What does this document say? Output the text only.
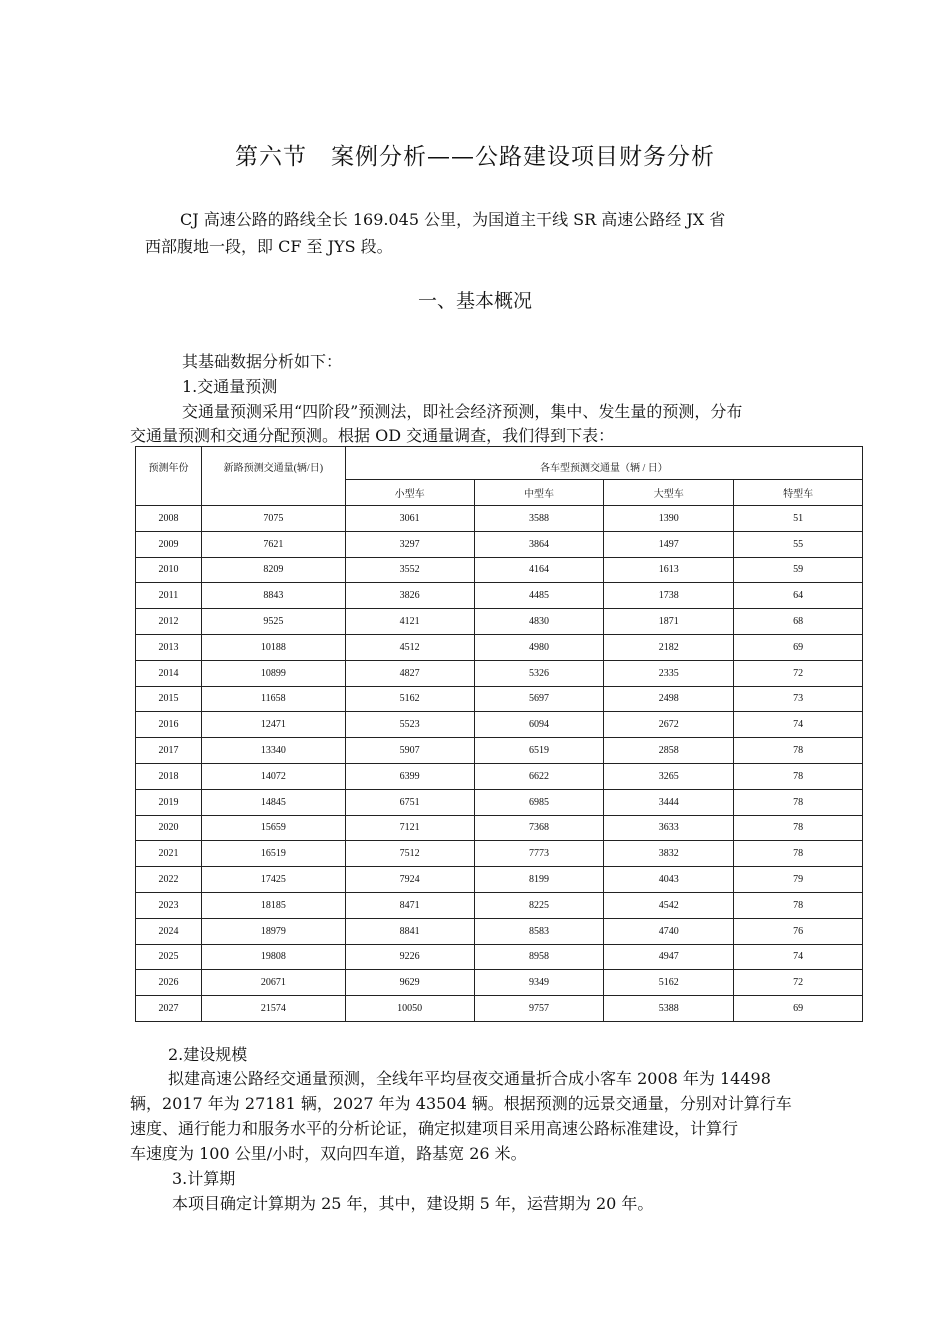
第六节　案例分析——公路建设项目财务分析
CJ 高速公路的路线全长 169.045 公里，为国道主干线 SR 高速公路经 JX 省
西部腹地一段，即 CF 至 JYS 段。
一、基本概况
其基础数据分析如下：
1.交通量预测
交通量预测采用“四阶段”预测法，即社会经济预测，集中、发生量的预测，分布
交通量预测和交通分配预测。根据 OD 交通量调查，我们得到下表：
预测年份	新路预测交通量(辆/日)	各车型预测交通量（辆 / 日）			
		小型车	中型车	大型车	特型车
2008	7075	3061	3588	1390	51
2009	7621	3297	3864	1497	55
2010	8209	3552	4164	1613	59
2011	8843	3826	4485	1738	64
2012	9525	4121	4830	1871	68
2013	10188	4512	4980	2182	69
2014	10899	4827	5326	2335	72
2015	11658	5162	5697	2498	73
2016	12471	5523	6094	2672	74
2017	13340	5907	6519	2858	78
2018	14072	6399	6622	3265	78
2019	14845	6751	6985	3444	78
2020	15659	7121	7368	3633	78
2021	16519	7512	7773	3832	78
2022	17425	7924	8199	4043	79
2023	18185	8471	8225	4542	78
2024	18979	8841	8583	4740	76
2025	19808	9226	8958	4947	74
2026	20671	9629	9349	5162	72
2027	21574	10050	9757	5388	69
2.建设规模
拟建高速公路经交通量预测，全线年平均昼夜交通量折合成小客车 2008 年为 14498
辆，2017 年为 27181 辆，2027 年为 43504 辆。根据预测的远景交通量，分别对计算行车
速度、通行能力和服务水平的分析论证，确定拟建项目采用高速公路标准建设，计算行
车速度为 100 公里/小时，双向四车道，路基宽 26 米。
3.计算期
本项目确定计算期为 25 年，其中，建设期 5 年，运营期为 20 年。
